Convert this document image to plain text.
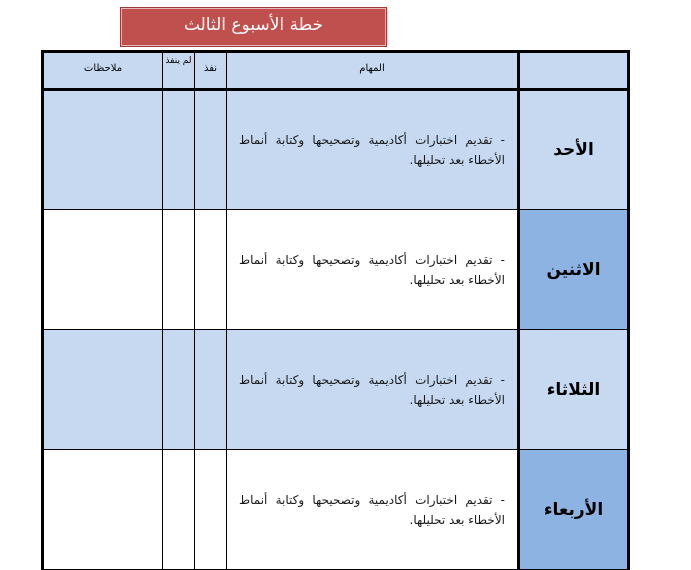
خطة الأسبوع الثالث
	المهام	نفذ	لم ينفذ	ملاحظات
الأحد	- تقديم اختبارات أكاديمية وتصحيحها وكتابة أنماط الأخطاء بعد تحليلها.			
الاثنين	- تقديم اختبارات أكاديمية وتصحيحها وكتابة أنماط الأخطاء بعد تحليلها.			
الثلاثاء	- تقديم اختبارات أكاديمية وتصحيحها وكتابة أنماط الأخطاء بعد تحليلها.			
الأربعاء	- تقديم اختبارات أكاديمية وتصحيحها وكتابة أنماط الأخطاء بعد تحليلها.			
